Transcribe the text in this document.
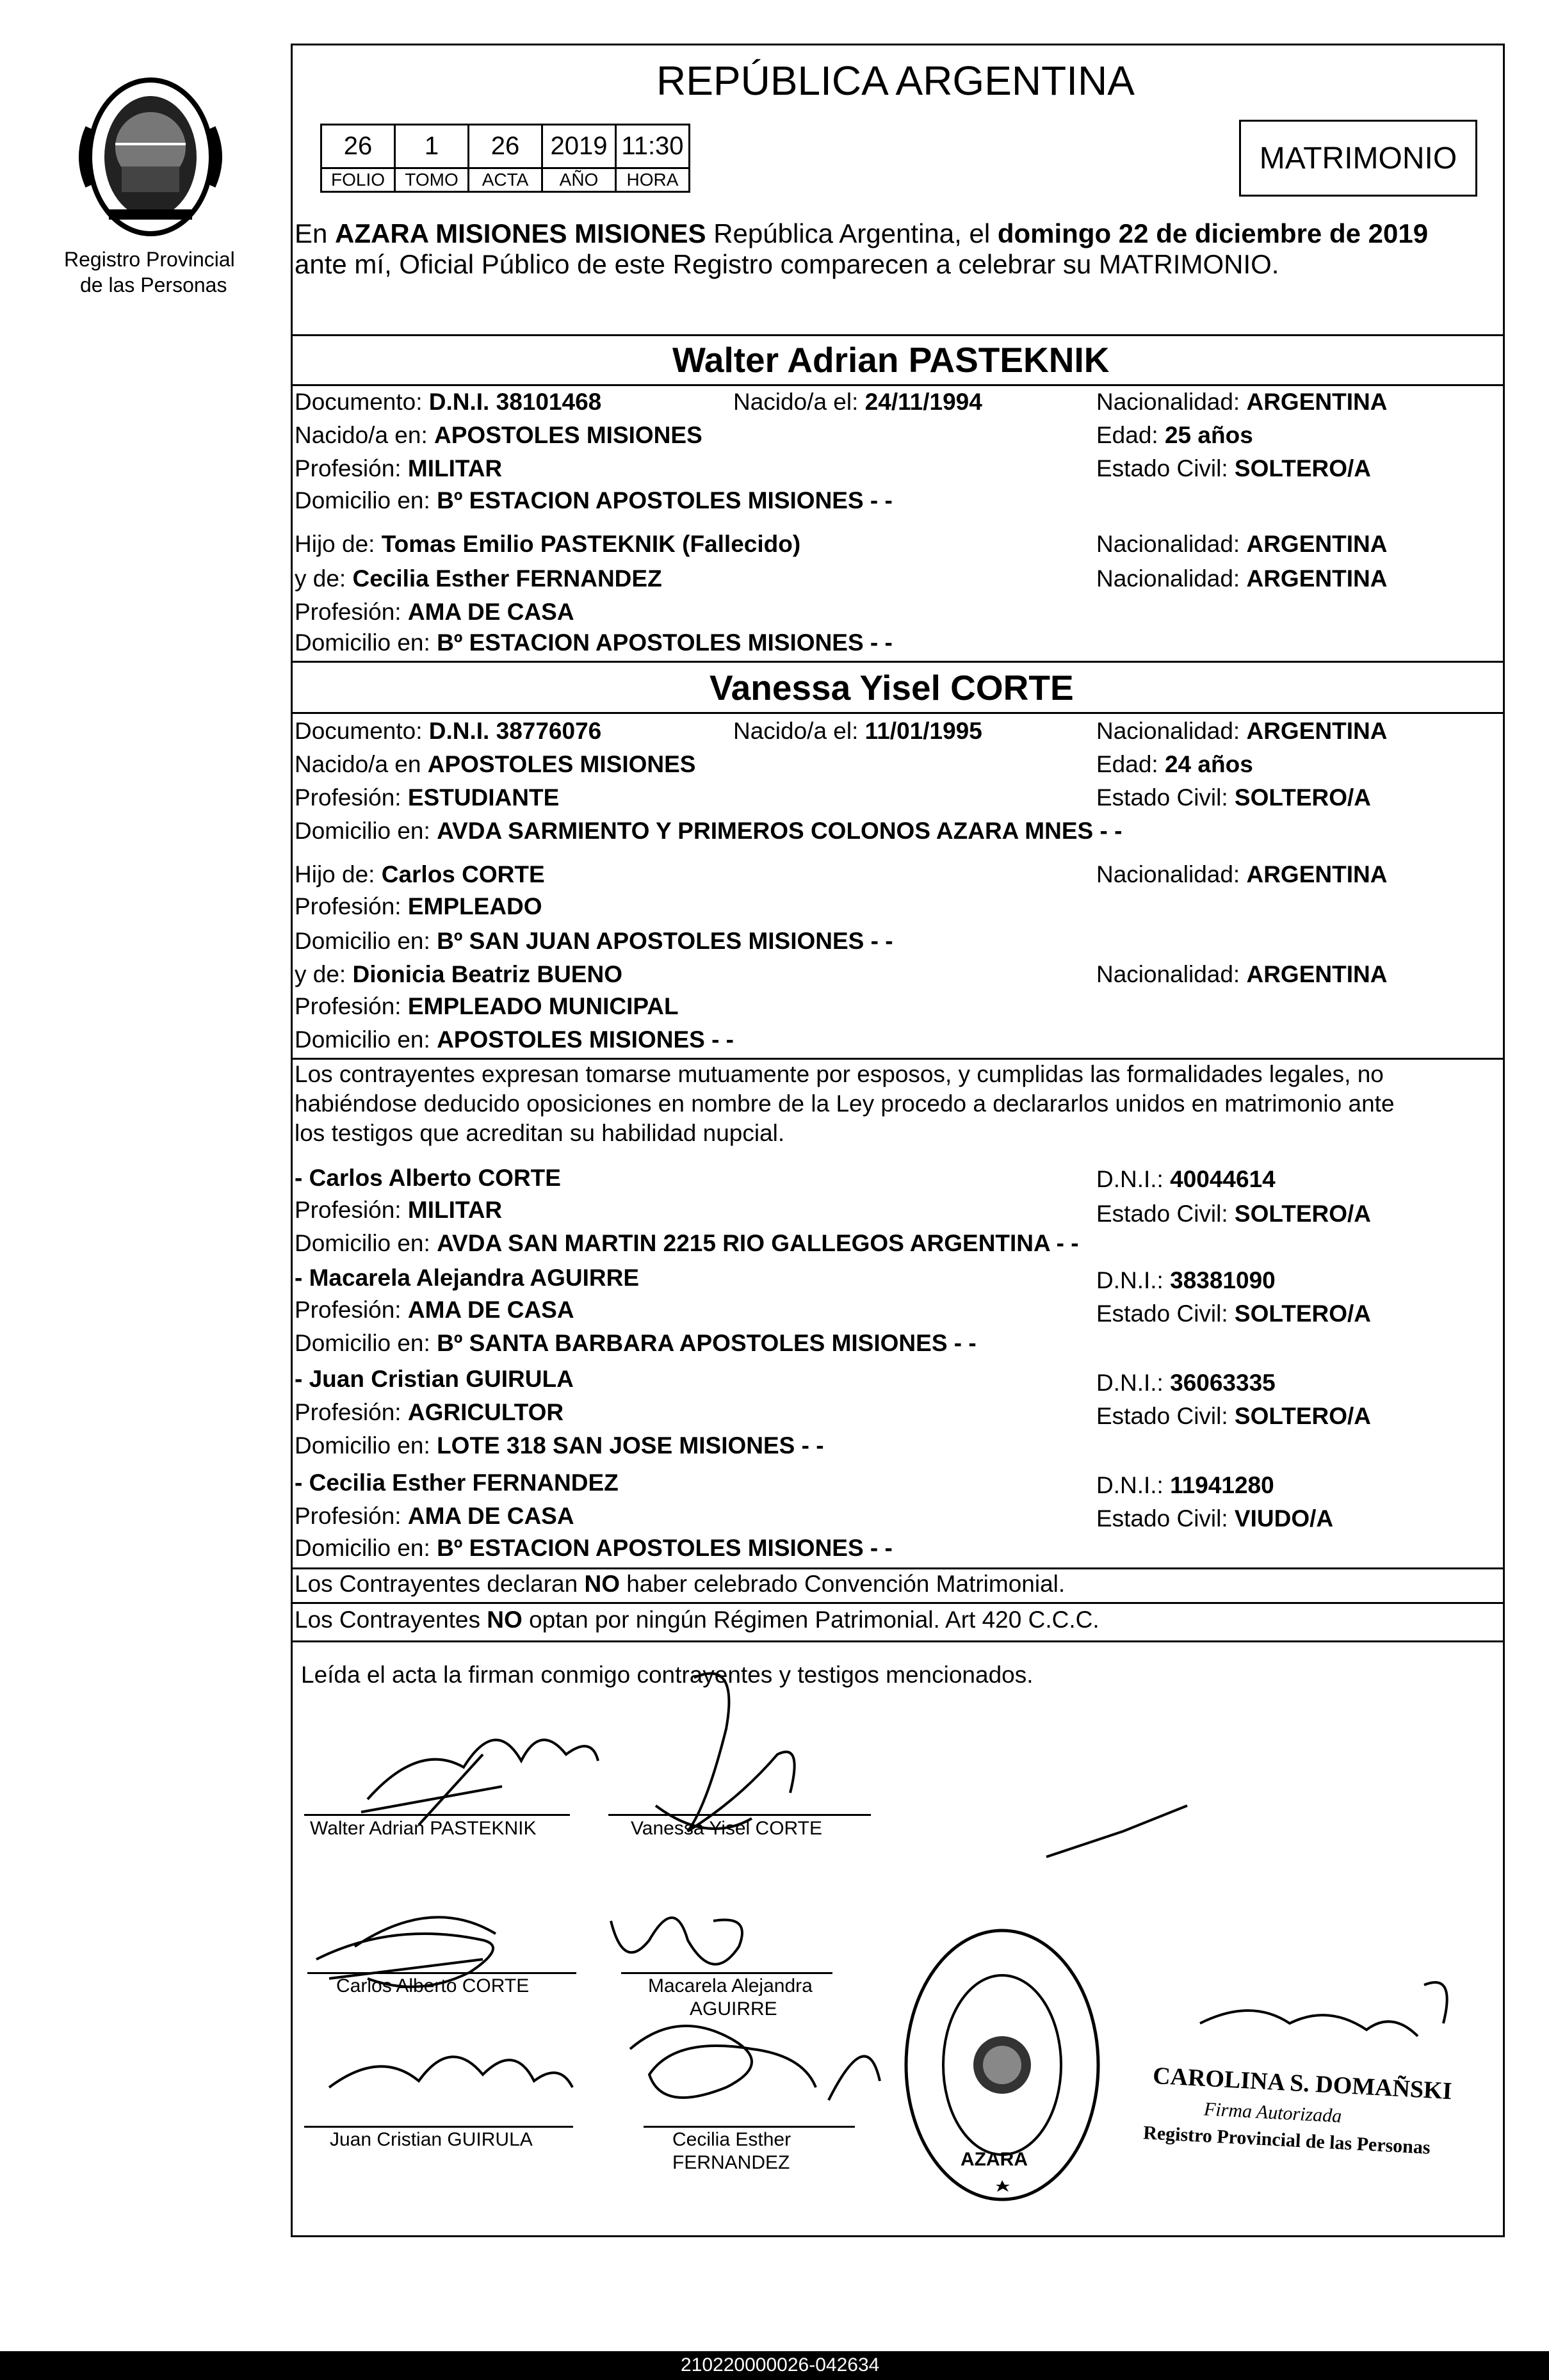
Registro Provincial
de las Personas
REPÚBLICA ARGENTINA
26	1	26	2019	11:30
FOLIO	TOMO	ACTA	AÑO	HORA
MATRIMONIO
En AZARA MISIONES MISIONES República Argentina, el domingo 22 de diciembre de 2019
ante mí, Oficial Público de este Registro comparecen a celebrar su MATRIMONIO.
Walter Adrian PASTEKNIK
Documento: D.N.I. 38101468	Nacido/a el: 24/11/1994	Nacionalidad: ARGENTINA
Nacido/a en: APOSTOLES MISIONES	Edad: 25 años
Profesión: MILITAR	Estado Civil: SOLTERO/A
Domicilio en: Bº ESTACION APOSTOLES MISIONES - -
Hijo de: Tomas Emilio PASTEKNIK (Fallecido)	Nacionalidad: ARGENTINA
y de: Cecilia Esther FERNANDEZ	Nacionalidad: ARGENTINA
Profesión: AMA DE CASA
Domicilio en: Bº ESTACION APOSTOLES MISIONES - -
Vanessa Yisel CORTE
Documento: D.N.I. 38776076	Nacido/a el: 11/01/1995	Nacionalidad: ARGENTINA
Nacido/a en APOSTOLES MISIONES	Edad: 24 años
Profesión: ESTUDIANTE	Estado Civil: SOLTERO/A
Domicilio en: AVDA SARMIENTO Y PRIMEROS COLONOS AZARA MNES - -
Hijo de: Carlos CORTE	Nacionalidad: ARGENTINA
Profesión: EMPLEADO
Domicilio en: Bº SAN JUAN APOSTOLES MISIONES - -
y de: Dionicia Beatriz BUENO	Nacionalidad: ARGENTINA
Profesión: EMPLEADO MUNICIPAL
Domicilio en: APOSTOLES MISIONES - -
Los contrayentes expresan tomarse mutuamente por esposos, y cumplidas las formalidades legales, no
habiéndose deducido oposiciones en nombre de la Ley procedo a declararlos unidos en matrimonio ante
los testigos que acreditan su habilidad nupcial.
- Carlos Alberto CORTE	D.N.I.: 40044614
Profesión: MILITAR	Estado Civil: SOLTERO/A
Domicilio en: AVDA SAN MARTIN 2215 RIO GALLEGOS ARGENTINA - -
- Macarela Alejandra AGUIRRE	D.N.I.: 38381090
Profesión: AMA DE CASA	Estado Civil: SOLTERO/A
Domicilio en: Bº SANTA BARBARA APOSTOLES MISIONES - -
- Juan Cristian GUIRULA	D.N.I.: 36063335
Profesión: AGRICULTOR	Estado Civil: SOLTERO/A
Domicilio en: LOTE 318 SAN JOSE MISIONES - -
- Cecilia Esther FERNANDEZ	D.N.I.: 11941280
Profesión: AMA DE CASA	Estado Civil: VIUDO/A
Domicilio en: Bº ESTACION APOSTOLES MISIONES - -
Los Contrayentes declaran NO haber celebrado Convención Matrimonial.
Los Contrayentes NO optan por ningún Régimen Patrimonial. Art 420 C.C.C.
Leída el acta la firman conmigo contrayentes y testigos mencionados.
Walter Adrian PASTEKNIK	Vanessa Yisel CORTE
Carlos Alberto CORTE	Macarela Alejandra
AGUIRRE
Juan Cristian GUIRULA	Cecilia Esther
FERNANDEZ	AZARA
CAROLINA S. DOMAÑSKI
Firma Autorizada
Registro Provincial de las Personas
210220000026-042634
